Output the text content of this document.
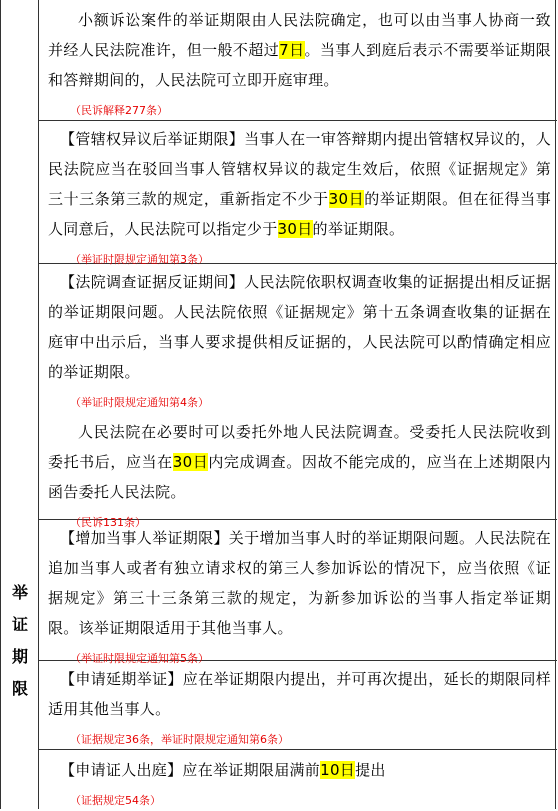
举
证
期
限

小额诉讼案件的举证期限由人民法院确定，也可以由当事人协商一致并经人民法院准许，但一般不超过7日。当事人到庭后表示不需要举证期限和答辩期间的，人民法院可立即开庭审理。

（民诉解释277条）

【管辖权异议后举证期限】当事人在一审答辩期内提出管辖权异议的，人民法院应当在驳回当事人管辖权异议的裁定生效后，依照《证据规定》第三十三条第三款的规定，重新指定不少于30日的举证期限。但在征得当事人同意后，人民法院可以指定少于30日的举证期限。

（举证时限规定通知第3条）

【法院调查证据反证期间】人民法院依职权调查收集的证据提出相反证据的举证期限问题。人民法院依照《证据规定》第十五条调查收集的证据在庭审中出示后，当事人要求提供相反证据的，人民法院可以酌情确定相应的举证期限。

（举证时限规定通知第4条）

人民法院在必要时可以委托外地人民法院调查。受委托人民法院收到委托书后，应当在30日内完成调查。因故不能完成的，应当在上述期限内函告委托人民法院。

（民诉131条）

【增加当事人举证期限】关于增加当事人时的举证期限问题。人民法院在追加当事人或者有独立请求权的第三人参加诉讼的情况下，应当依照《证据规定》第三十三条第三款的规定，为新参加诉讼的当事人指定举证期限。该举证期限适用于其他当事人。

（举证时限规定通知第5条）

【申请延期举证】应在举证期限内提出，并可再次提出，延长的期限同样适用其他当事人。

（证据规定36条，举证时限规定通知第6条）

【申请证人出庭】应在举证期限届满前10日提出

（证据规定54条）
